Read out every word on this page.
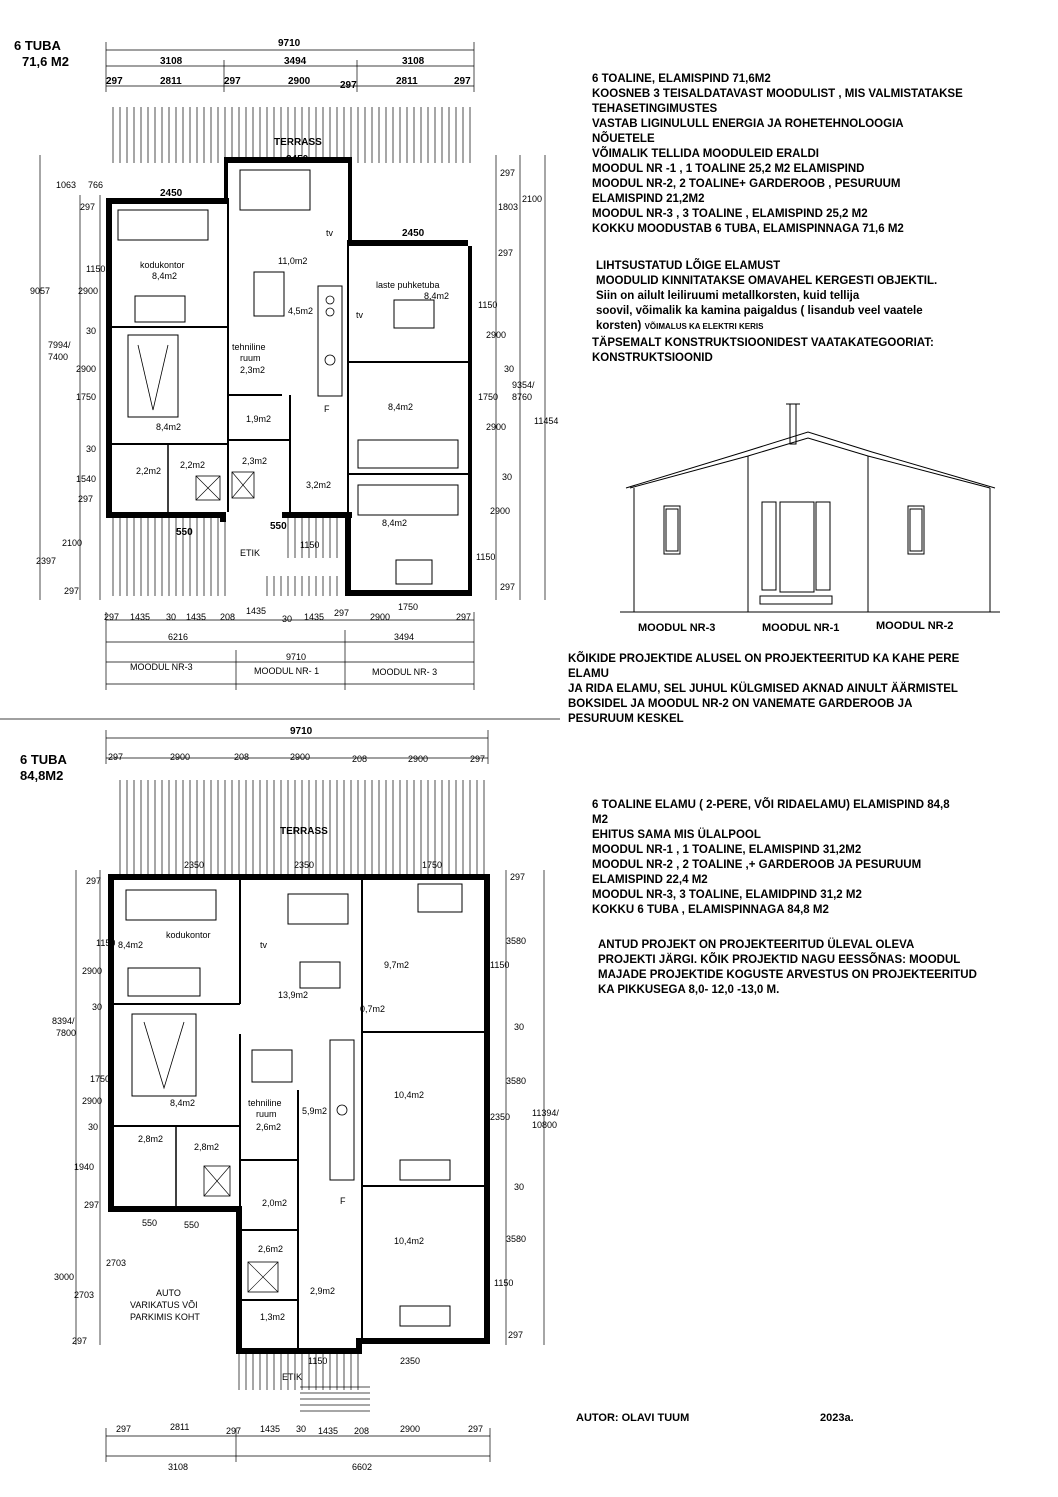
6 TUBA
71,6 M2
9710
3108	3494	3108
297	2811	297	2900	297	2811	297
TERRASS
2450
2450
2450
kodukontor
8,4m2
tv
11,0m2
laste puhketuba
8,4m2
4,5m2	tv
tehniline
ruum
2,3m2
8,4m2
F
8,4m2
1,9m2
2,3m2
2,2m2
2,2m2
3,2m2
8,4m2
550
550
1150
ETIK
1063 766
297
1150
2900
9057
30
7994/
7400
2900
1750
30
1540
297
2100
2397
297
297
1803
2100
297
1150
2900
30
9354/
8760
1750
11454
2900
30
2900
1150
297
1750
297 1435 30 1435 208
1435
30 1435 297 2900	297
6216	3494
9710
MOODUL NR-3	MOODUL NR- 1	MOODUL NR- 3
6 TOALINE, ELAMISPIND 71,6M2
KOOSNEB 3 TEISALDATAVAST MOODULIST , MIS VALMISTATAKSE
TEHASETINGIMUSTES
VASTAB LIGINULULL ENERGIA JA ROHETEHNOLOOGIA
NÕUETELE
VÕIMALIK TELLIDA MOODULEID ERALDI
MOODUL NR -1 , 1 TOALINE 25,2 M2 ELAMISPIND
MOODUL NR-2, 2 TOALINE+ GARDEROOB , PESURUUM
ELAMISPIND 21,2M2
MOODUL NR-3 , 3 TOALINE , ELAMISPIND 25,2 M2
KOKKU MOODUSTAB 6 TUBA, ELAMISPINNAGA 71,6 M2
LIHTSUSTATUD LÕIGE ELAMUST
MOODULID KINNITATAKSE OMAVAHEL KERGESTI OBJEKTIL.
Siin on ailult leiliruumi metallkorsten, kuid tellija
soovil, võimalik ka kamina paigaldus ( lisandub veel vaatele
korsten) VÕIMALUS KA ELEKTRI KERIS
TÄPSEMALT KONSTRUKTSIOONIDEST VAATAKATEGOORIAT:
KONSTRUKTSIOONID
MOODUL NR-3	MOODUL NR-1	MOODUL NR-2
KÕIKIDE PROJEKTIDE ALUSEL ON PROJEKTEERITUD KA KAHE PERE
ELAMU
JA RIDA ELAMU, SEL JUHUL KÜLGMISED AKNAD AINULT ÄÄRMISTEL
BOKSIDEL JA MOODUL NR-2 ON VANEMATE GARDEROOB JA
PESURUUM KESKEL
6 TUBA
84,8M2
9710
297	2900	208	2900	208	2900	297
TERRASS
2350	2350	1750
kodukontor
8,4m2	tv
9,7m2
13,9m2
0,7m2
10,4m2
8,4m2	tehniline
ruum
2,6m2
5,9m2
2,8m2
2,8m2
2,0m2	F
10,4m2
2,6m2
2,9m2
1,3m2
AUTO
VARIKATUS VÕI
PARKIMIS KOHT
1150	2350
ETIK
297
1150
2900
30
8394/
7800
1750
2900
30
1940
297
550	550
2703
3000
2703
297
297
3580
1150
30
3580
2350 11394/
10800
30
3580
1150
297
297	2811	297 1435 30 1435 208	2900	297
3108	6602
6 TOALINE ELAMU ( 2-PERE, VÕI RIDAELAMU) ELAMISPIND 84,8
M2
EHITUS SAMA MIS ÜLALPOOL
MOODUL NR-1 , 1 TOALINE, ELAMISPIND 31,2M2
MOODUL NR-2 , 2 TOALINE ,+ GARDEROOB JA PESURUUM
ELAMISPIND 22,4 M2
MOODUL NR-3, 3 TOALINE, ELAMIDPIND 31,2 M2
KOKKU 6 TUBA , ELAMISPINNAGA 84,8 M2
ANTUD PROJEKT ON PROJEKTEERITUD ÜLEVAL OLEVA
PROJEKTI JÄRGI. KÕIK PROJEKTID NAGU EESSÕNAS: MOODUL
MAJADE PROJEKTIDE KOGUSTE ARVESTUS ON PROJEKTEERITUD
KA PIKKUSEGA 8,0- 12,0 -13,0 M.
AUTOR: OLAVI TUUM	2023a.
